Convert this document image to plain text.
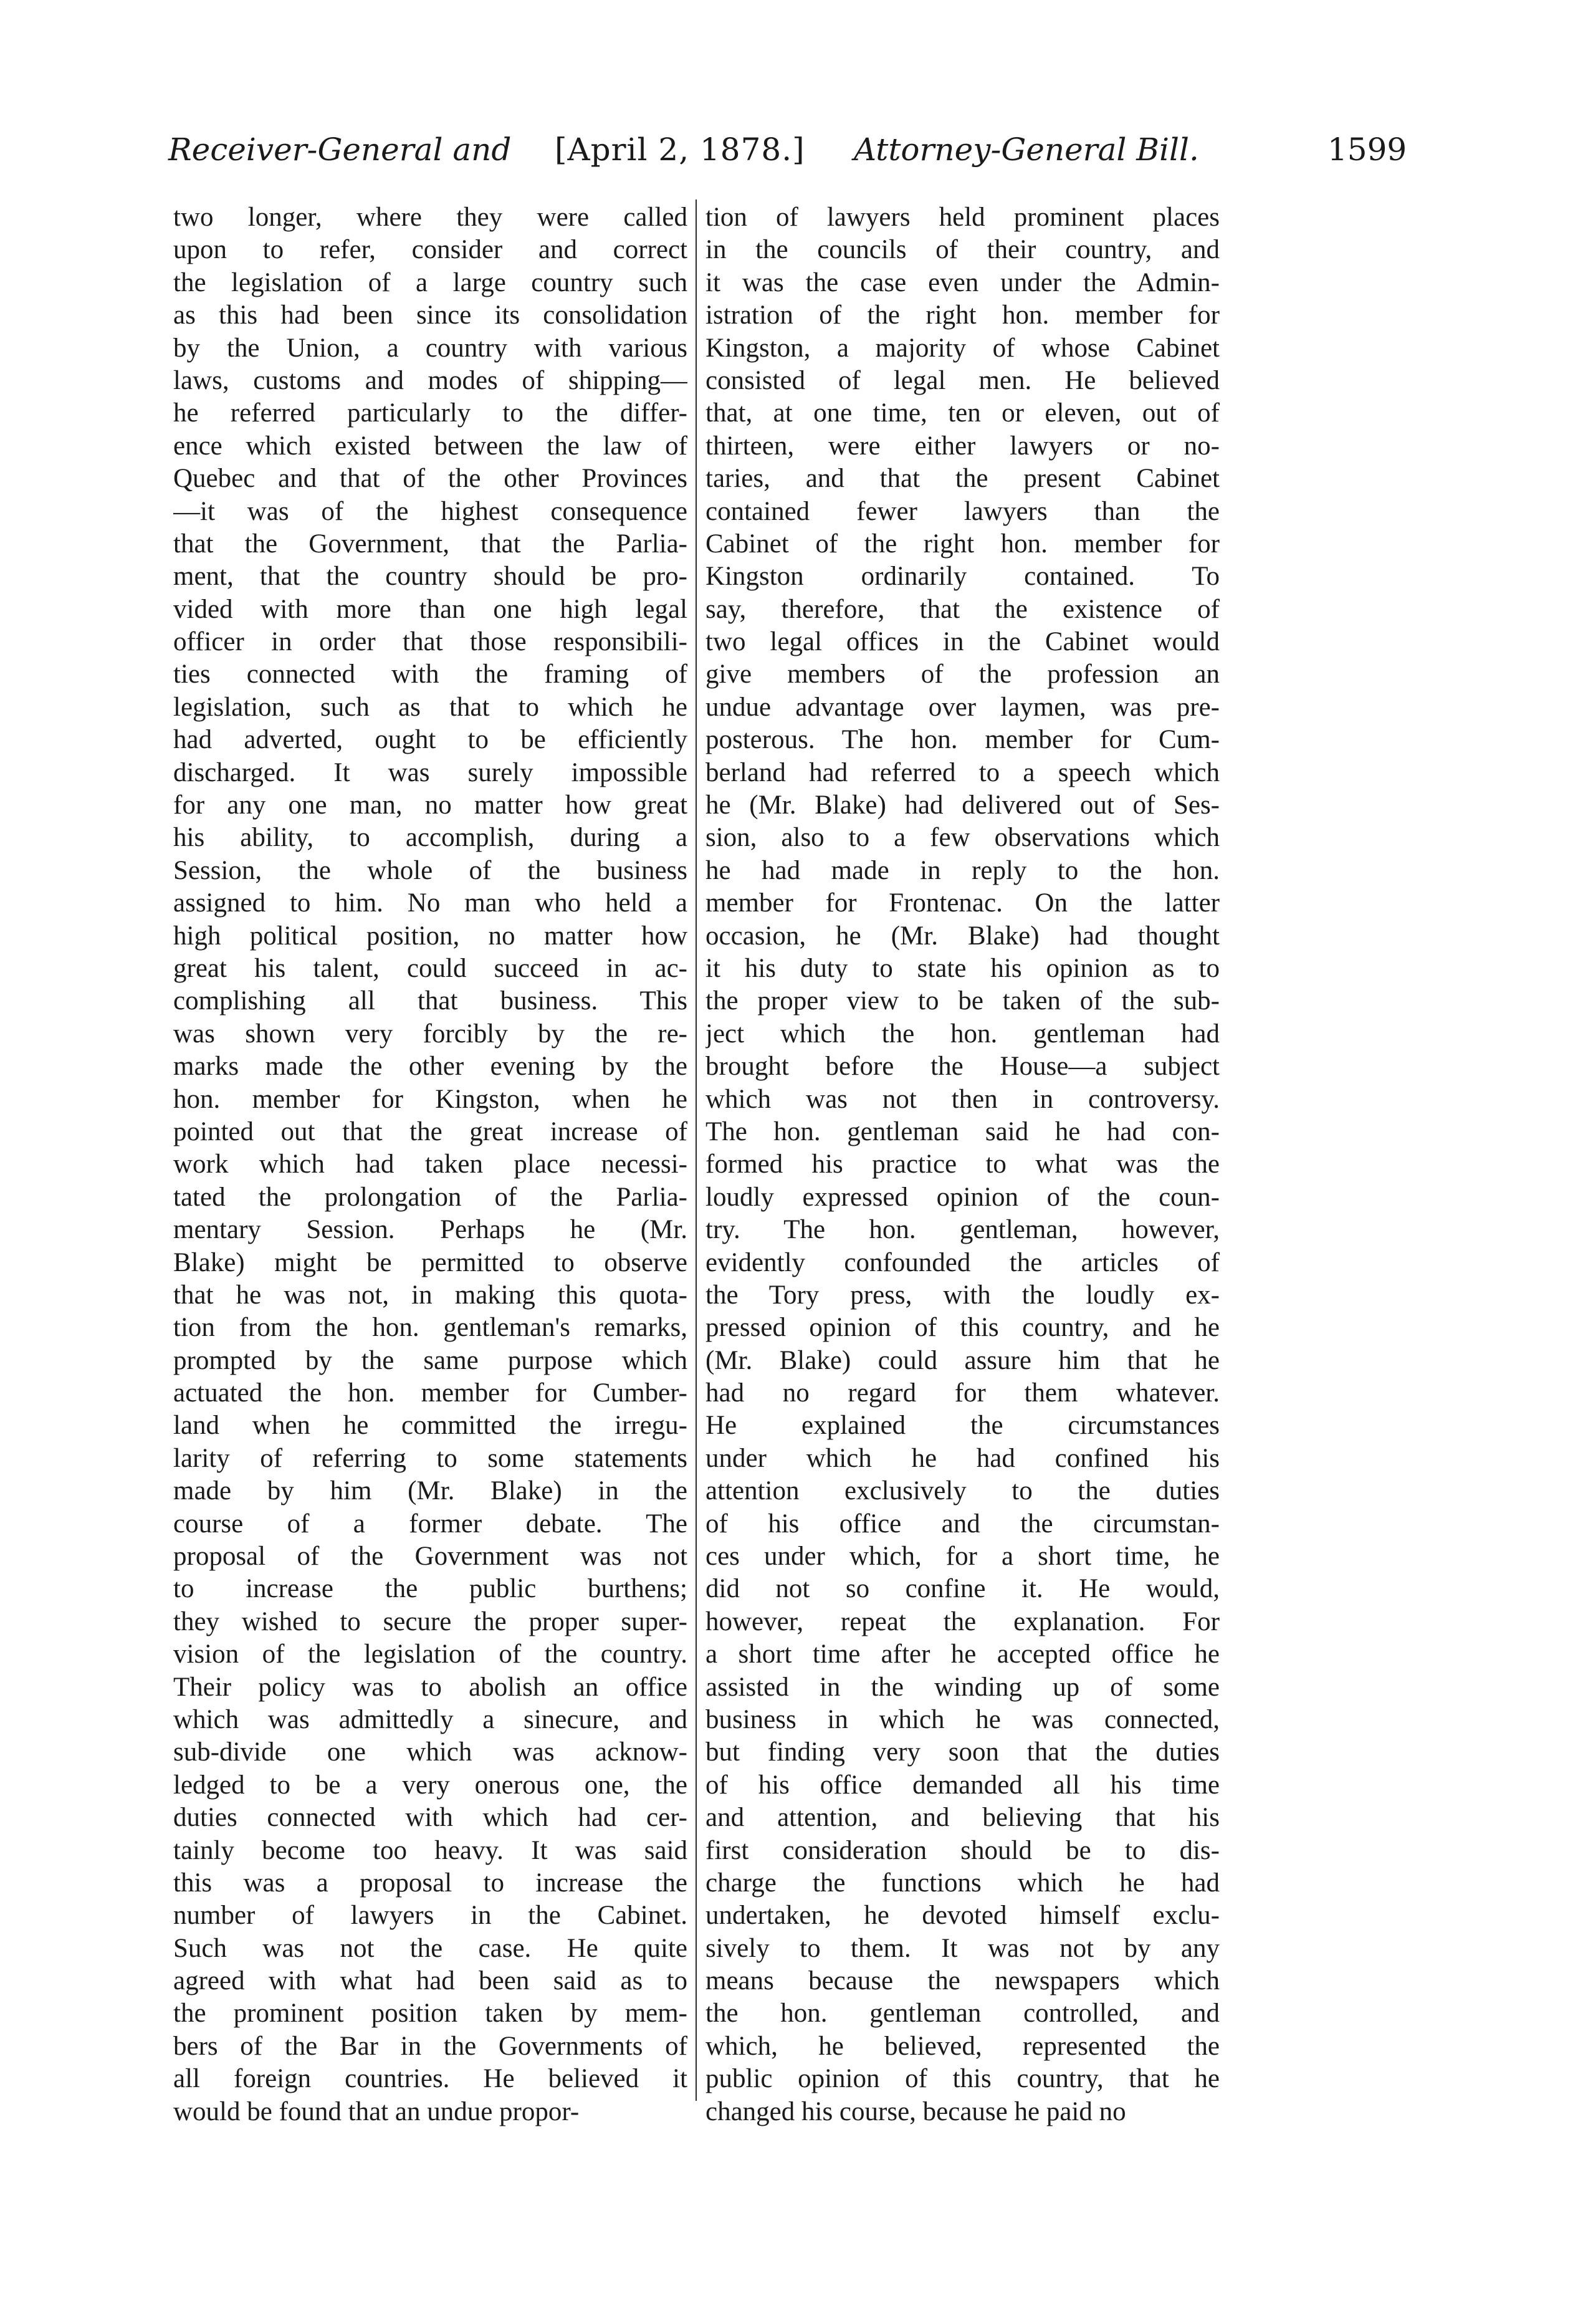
Receiver-General and [April 2, 1878.] Attorney-General Bill.	1599
two longer, where they were called
upon to refer, consider and correct
the legislation of a large country such
as this had been since its consolidation
by the Union, a country with various
laws, customs and modes of shipping—
he referred particularly to the differ-
ence which existed between the law of
Quebec and that of the other Provinces
—it was of the highest consequence
that the Government, that the Parlia-
ment, that the country should be pro-
vided with more than one high legal
officer in order that those responsibili-
ties connected with the framing of
legislation, such as that to which he
had adverted, ought to be efficiently
discharged. It was surely impossible
for any one man, no matter how great
his ability, to accomplish, during a
Session, the whole of the business
assigned to him. No man who held a
high political position, no matter how
great his talent, could succeed in ac-
complishing all that business. This
was shown very forcibly by the re-
marks made the other evening by the
hon. member for Kingston, when he
pointed out that the great increase of
work which had taken place necessi-
tated the prolongation of the Parlia-
mentary Session. Perhaps he (Mr.
Blake) might be permitted to observe
that he was not, in making this quota-
tion from the hon. gentleman's remarks,
prompted by the same purpose which
actuated the hon. member for Cumber-
land when he committed the irregu-
larity of referring to some statements
made by him (Mr. Blake) in the
course of a former debate. The
proposal of the Government was not
to increase the public burthens;
they wished to secure the proper super-
vision of the legislation of the country.
Their policy was to abolish an office
which was admittedly a sinecure, and
sub-divide one which was acknow-
ledged to be a very onerous one, the
duties connected with which had cer-
tainly become too heavy. It was said
this was a proposal to increase the
number of lawyers in the Cabinet.
Such was not the case. He quite
agreed with what had been said as to
the prominent position taken by mem-
bers of the Bar in the Governments of
all foreign countries. He believed it
would be found that an undue propor-
tion of lawyers held prominent places
in the councils of their country, and
it was the case even under the Admin-
istration of the right hon. member for
Kingston, a majority of whose Cabinet
consisted of legal men. He believed
that, at one time, ten or eleven, out of
thirteen, were either lawyers or no-
taries, and that the present Cabinet
contained fewer lawyers than the
Cabinet of the right hon. member for
Kingston ordinarily contained. To
say, therefore, that the existence of
two legal offices in the Cabinet would
give members of the profession an
undue advantage over laymen, was pre-
posterous. The hon. member for Cum-
berland had referred to a speech which
he (Mr. Blake) had delivered out of Ses-
sion, also to a few observations which
he had made in reply to the hon.
member for Frontenac. On the latter
occasion, he (Mr. Blake) had thought
it his duty to state his opinion as to
the proper view to be taken of the sub-
ject which the hon. gentleman had
brought before the House—a subject
which was not then in controversy.
The hon. gentleman said he had con-
formed his practice to what was the
loudly expressed opinion of the coun-
try. The hon. gentleman, however,
evidently confounded the articles of
the Tory press, with the loudly ex-
pressed opinion of this country, and he
(Mr. Blake) could assure him that he
had no regard for them whatever.
He explained the circumstances
under which he had confined his
attention exclusively to the duties
of his office and the circumstan-
ces under which, for a short time, he
did not so confine it. He would,
however, repeat the explanation. For
a short time after he accepted office he
assisted in the winding up of some
business in which he was connected,
but finding very soon that the duties
of his office demanded all his time
and attention, and believing that his
first consideration should be to dis-
charge the functions which he had
undertaken, he devoted himself exclu-
sively to them. It was not by any
means because the newspapers which
the hon. gentleman controlled, and
which, he believed, represented the
public opinion of this country, that he
changed his course, because he paid no
